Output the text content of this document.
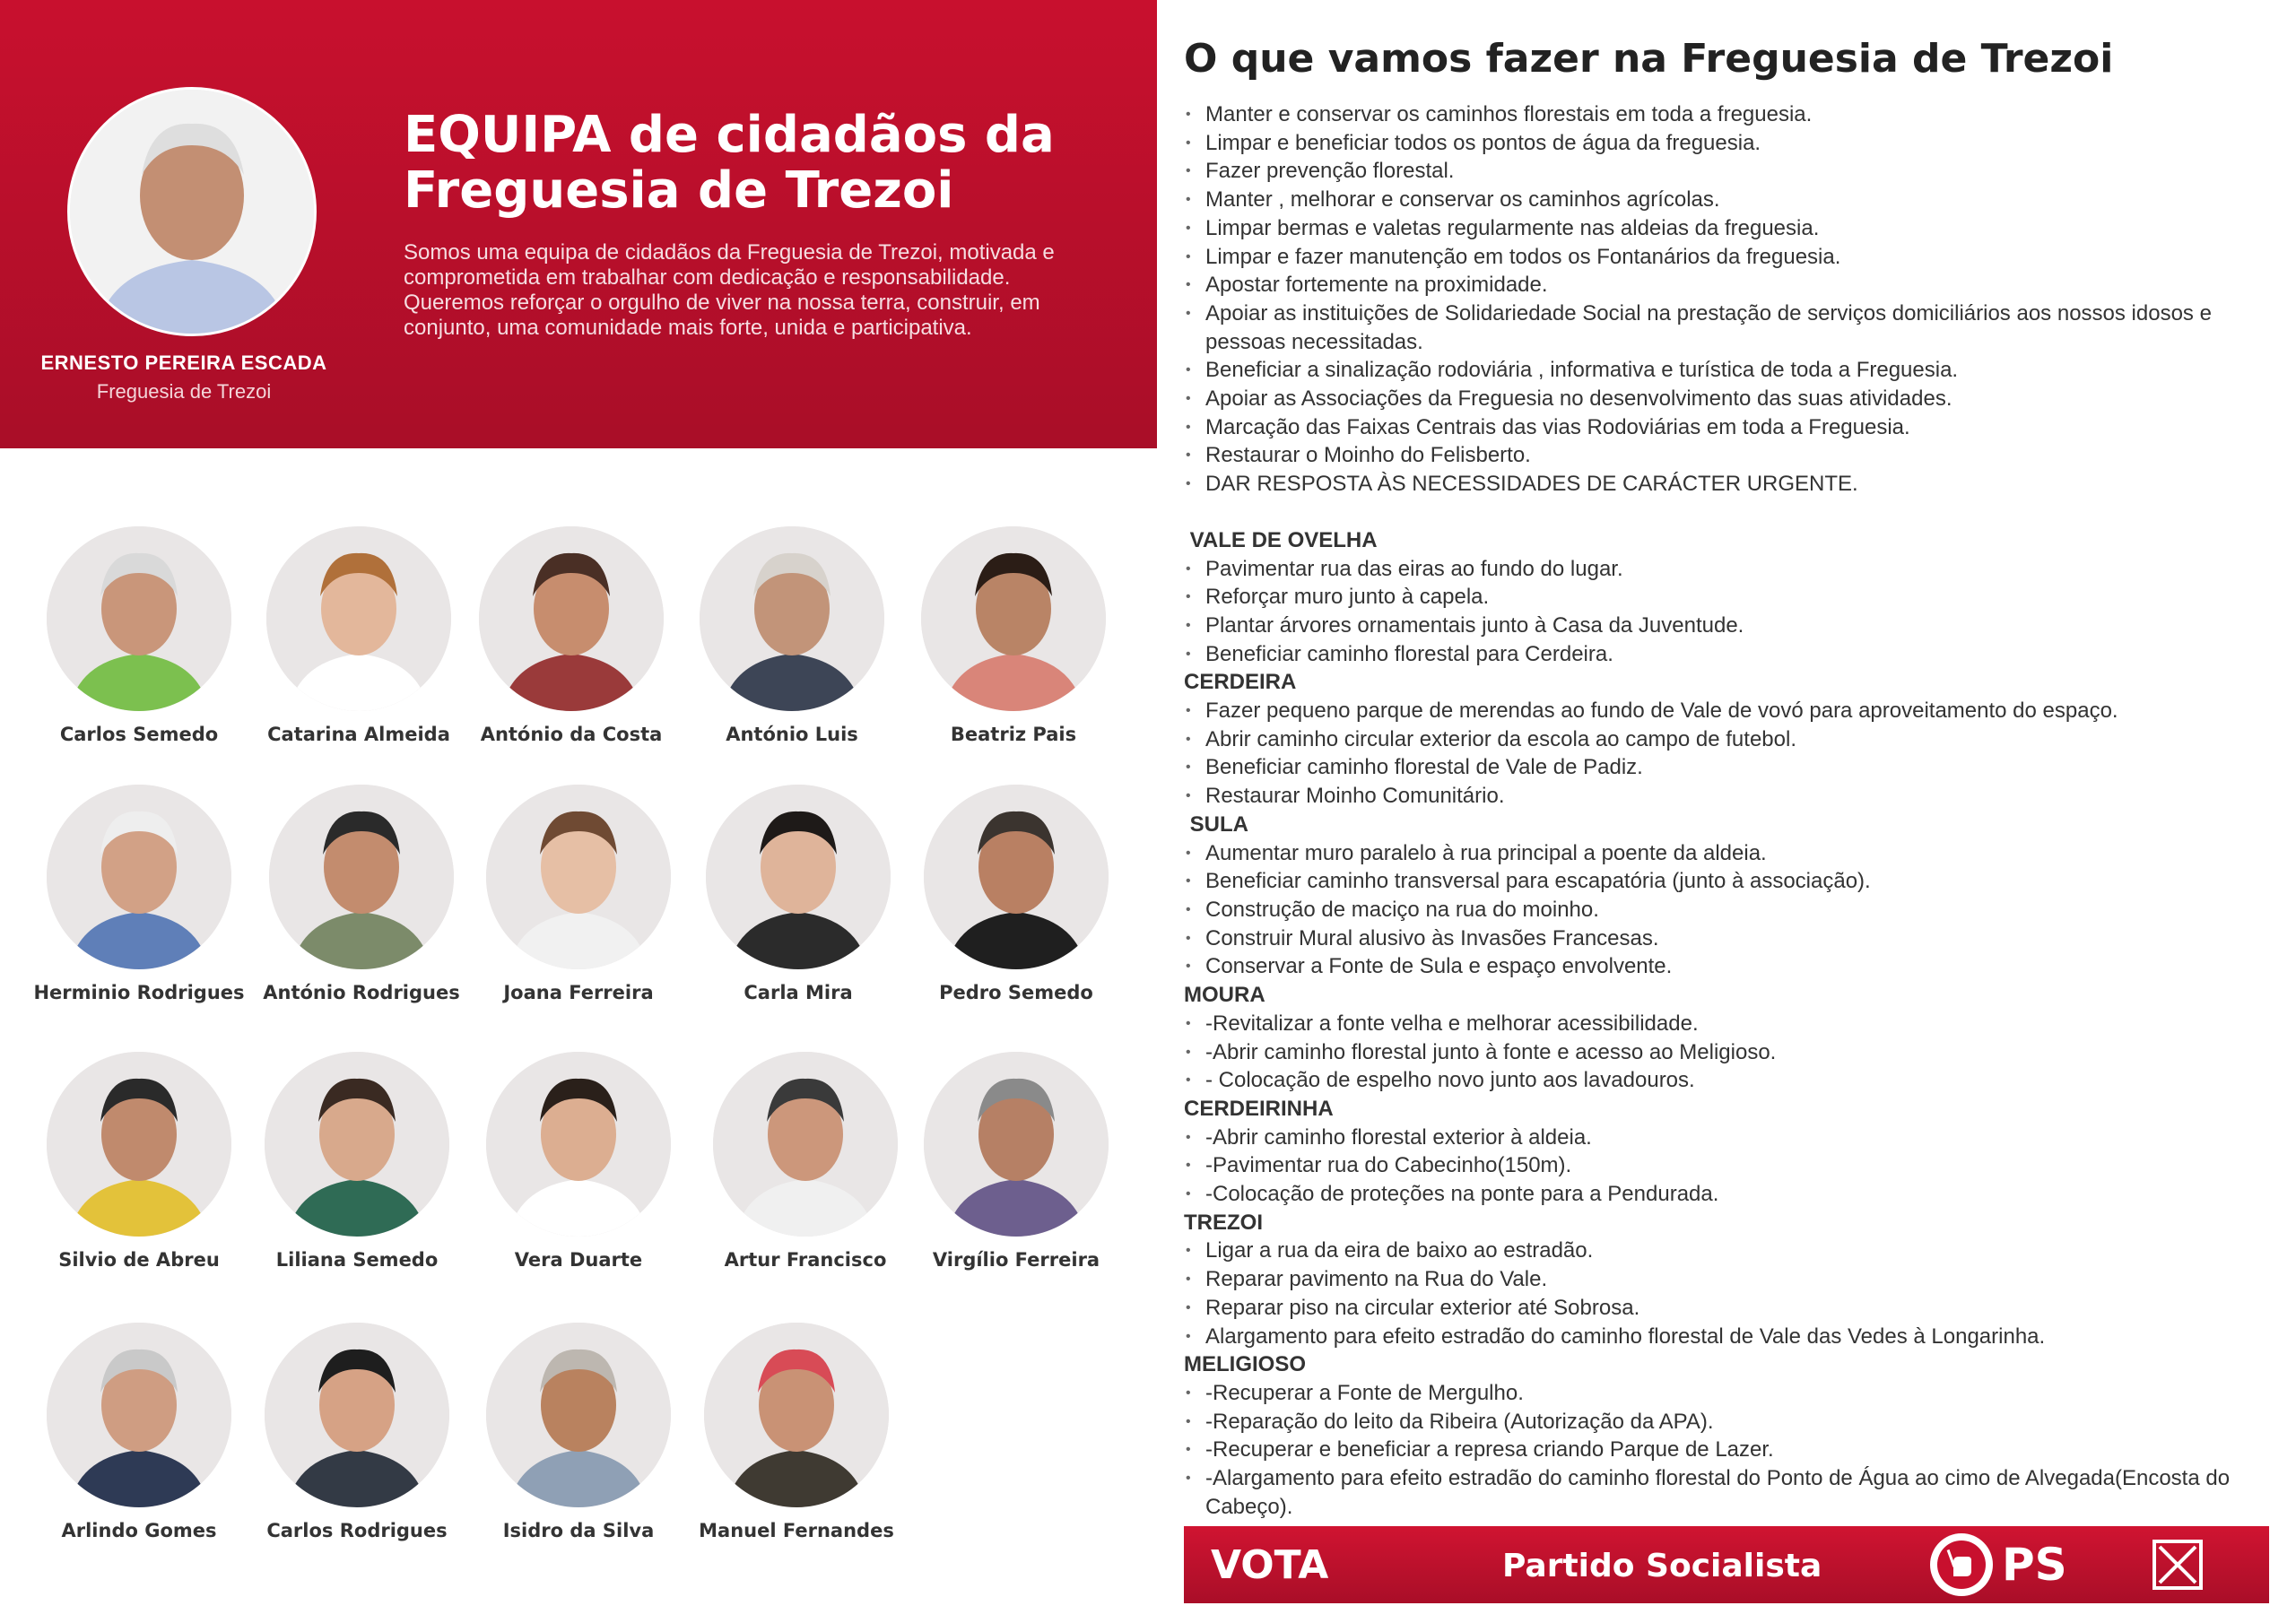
ERNESTO PEREIRA ESCADA
Freguesia de Trezoi
EQUIPA de cidadãos da
Freguesia de Trezoi
Somos uma equipa de cidadãos da Freguesia de Trezoi, motivada e comprometida em trabalhar com dedicação e responsabilidade. Queremos reforçar o orgulho de viver na nossa terra, construir, em conjunto, uma comunidade mais forte, unida e participativa.
Carlos Semedo	Catarina Almeida	António da Costa	António Luis	Beatriz Pais
Herminio Rodrigues António Rodrigues	Joana Ferreira	Carla Mira	Pedro Semedo
Silvio de Abreu	Liliana Semedo	Vera Duarte	Artur Francisco	Virgílio Ferreira
Arlindo Gomes	Carlos Rodrigues	Isidro da Silva	Manuel Fernandes
O que vamos fazer na Freguesia de Trezoi
• Manter e conservar os caminhos florestais em toda a freguesia.
• Limpar e beneficiar todos os pontos de água da freguesia.
• Fazer prevenção florestal.
• Manter , melhorar e conservar os caminhos agrícolas.
• Limpar bermas e valetas regularmente nas aldeias da freguesia.
• Limpar e fazer manutenção em todos os Fontanários da freguesia.
• Apostar fortemente na proximidade.
• Apoiar as instituições de Solidariedade Social na prestação de serviços domiciliários aos nossos idosos e pessoas necessitadas.
• Beneficiar a sinalização rodoviária , informativa e turística de toda a Freguesia.
• Apoiar as Associações da Freguesia no desenvolvimento das suas atividades.
• Marcação das Faixas Centrais das vias Rodoviárias em toda a Freguesia.
• Restaurar o Moinho do Felisberto.
• DAR RESPOSTA ÀS NECESSIDADES DE CARÁCTER URGENTE.
VALE DE OVELHA
• Pavimentar rua das eiras ao fundo do lugar.
• Reforçar muro junto à capela.
• Plantar árvores ornamentais junto à Casa da Juventude.
• Beneficiar caminho florestal para Cerdeira.
CERDEIRA
• Fazer pequeno parque de merendas ao fundo de Vale de vovó para aproveitamento do espaço.
• Abrir caminho circular exterior da escola ao campo de futebol.
• Beneficiar caminho florestal de Vale de Padiz.
• Restaurar Moinho Comunitário.
SULA
• Aumentar muro paralelo à rua principal a poente da aldeia.
• Beneficiar caminho transversal para escapatória (junto à associação).
• Construção de maciço na rua do moinho.
• Construir Mural alusivo às Invasões Francesas.
• Conservar a Fonte de Sula e espaço envolvente.
MOURA
• -Revitalizar a fonte velha e melhorar acessibilidade.
• -Abrir caminho florestal junto à fonte e acesso ao Meligioso.
• - Colocação de espelho novo junto aos lavadouros.
CERDEIRINHA
• -Abrir caminho florestal exterior à aldeia.
• -Pavimentar rua do Cabecinho(150m).
• -Colocação de proteções na ponte para a Pendurada.
TREZOI
• Ligar a rua da eira de baixo ao estradão.
• Reparar pavimento na Rua do Vale.
• Reparar piso na circular exterior até Sobrosa.
• Alargamento para efeito estradão do caminho florestal de Vale das Vedes à Longarinha.
MELIGIOSO
• -Recuperar a Fonte de Mergulho.
• -Reparação do leito da Ribeira (Autorização da APA).
• -Recuperar e beneficiar a represa criando Parque de Lazer.
• -Alargamento para efeito estradão do caminho florestal do Ponto de Água ao cimo de Alvegada(Encosta do Cabeço).
VOTA	Partido Socialista	PS
